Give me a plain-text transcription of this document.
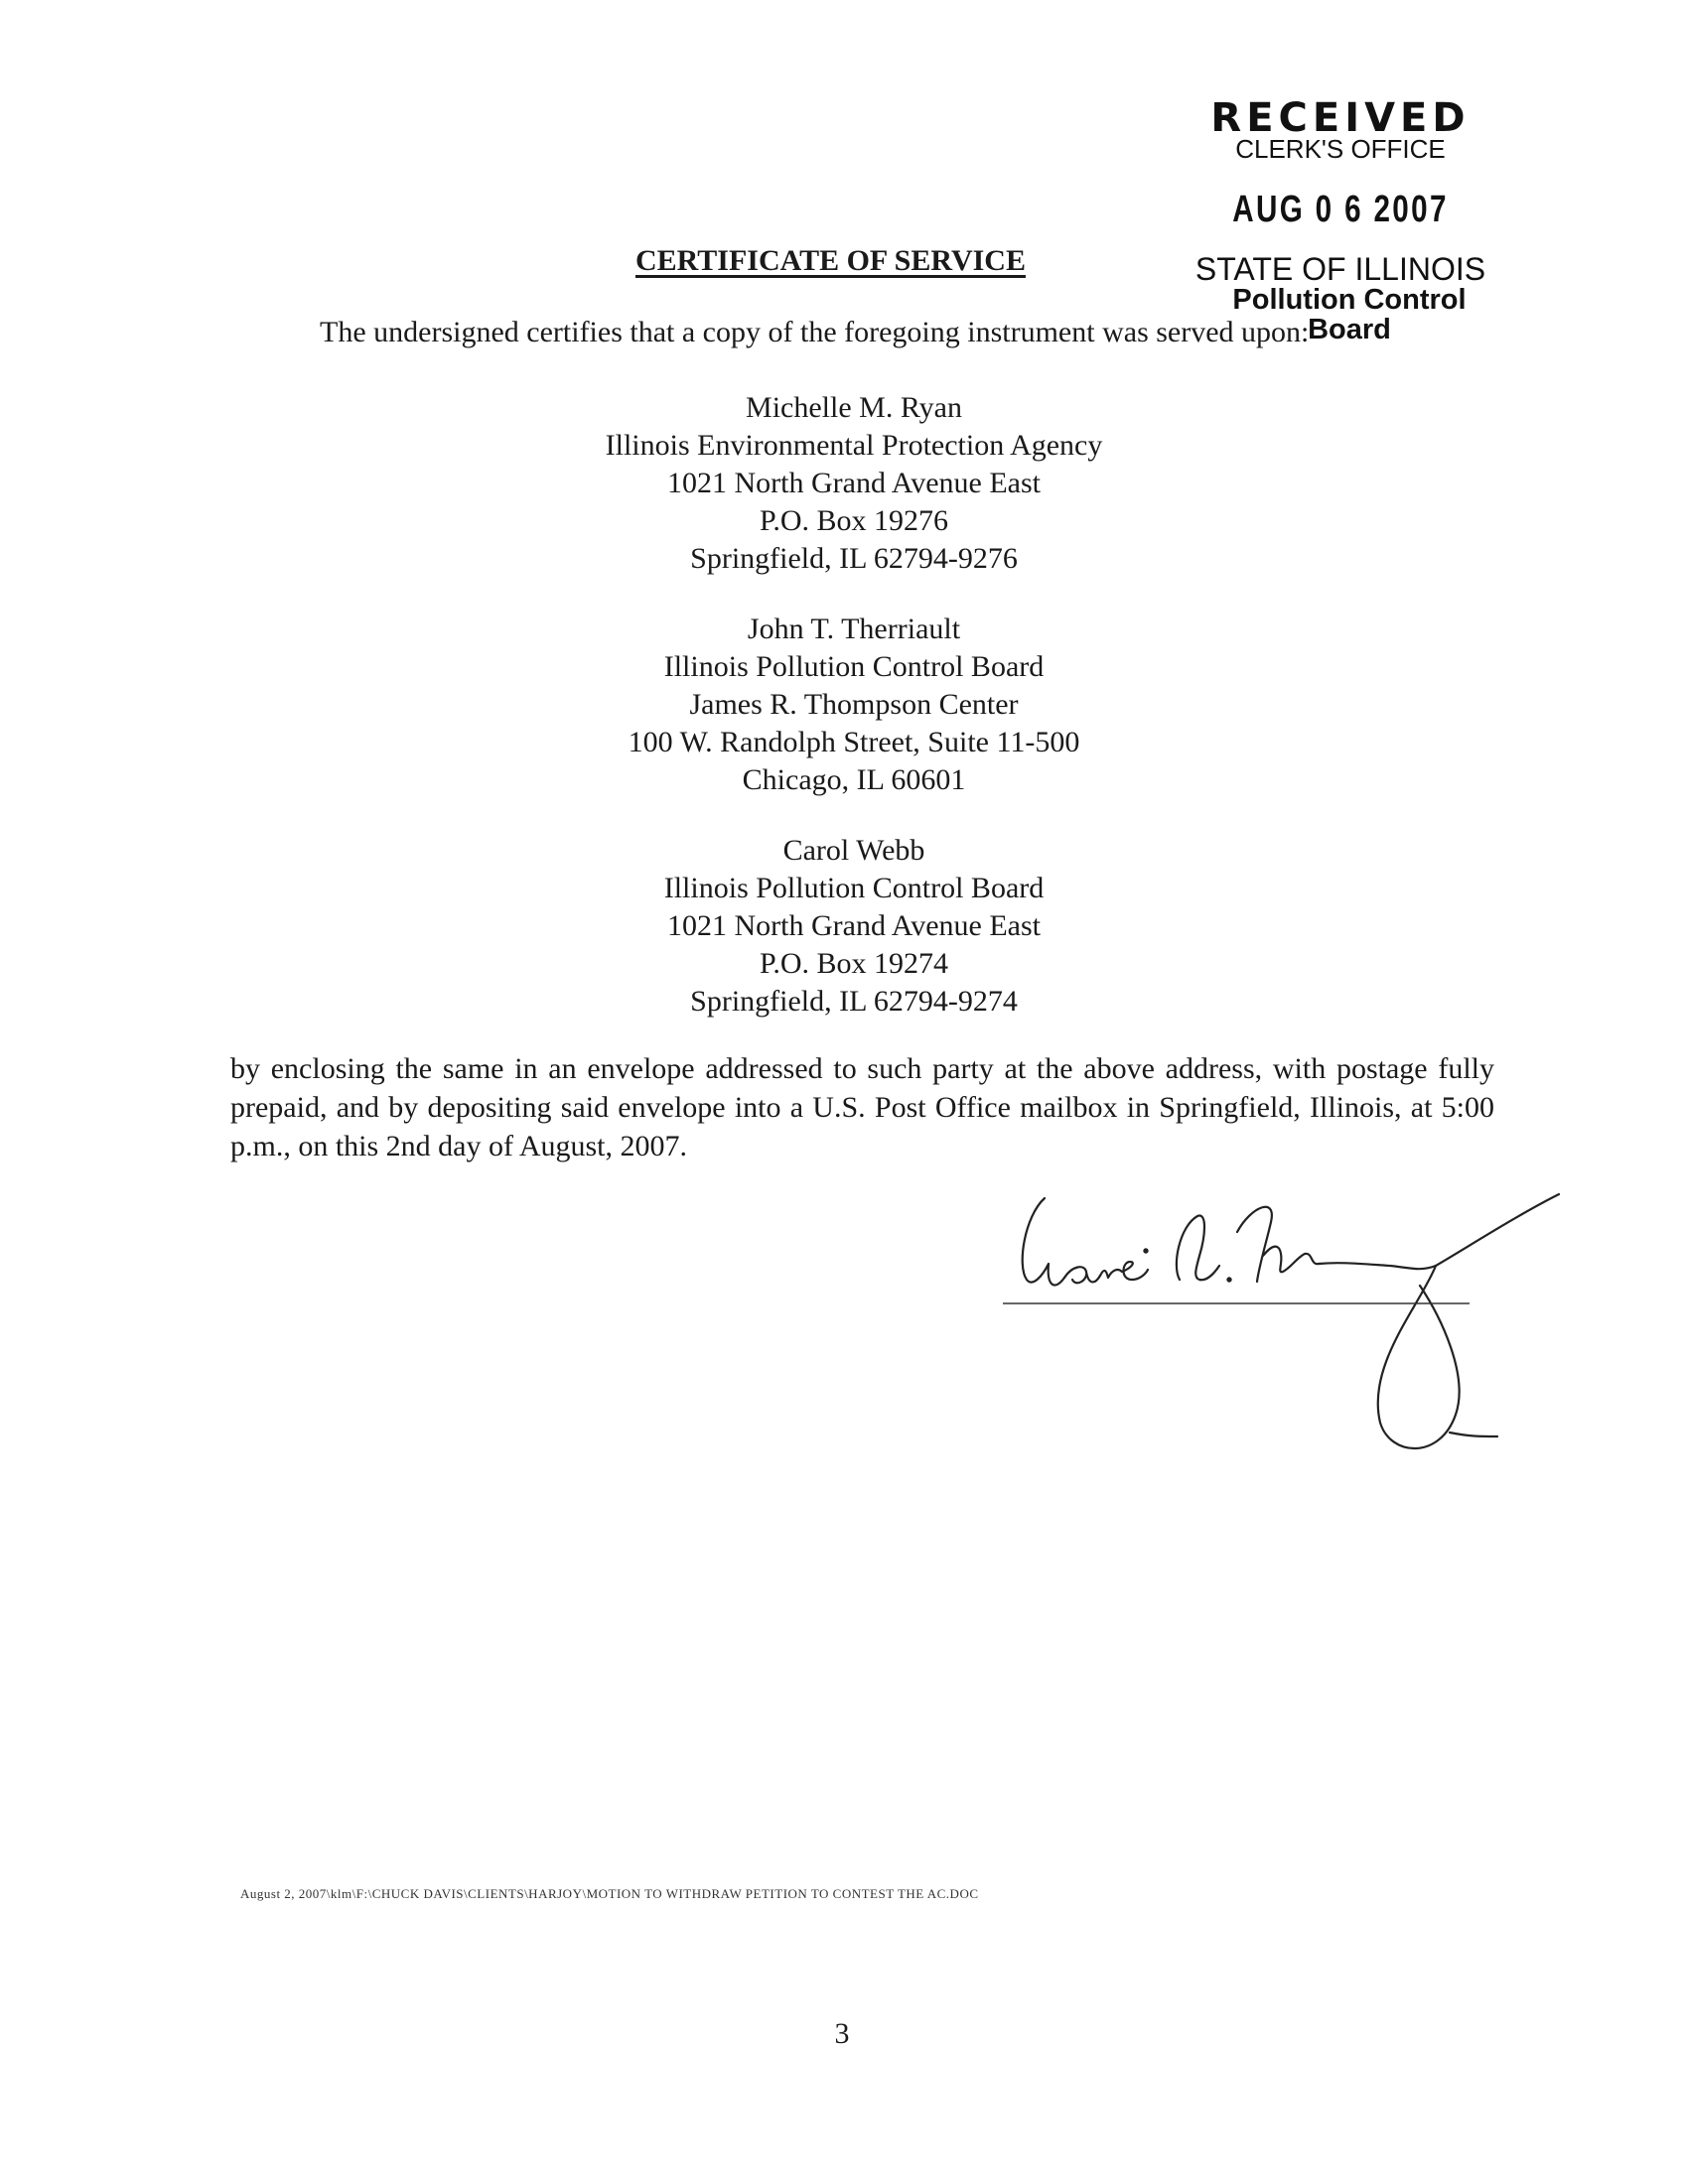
RECEIVED
CLERK'S OFFICE
AUG 0 6 2007
STATE OF ILLINOIS
Pollution Control Board
CERTIFICATE OF SERVICE
The undersigned certifies that a copy of the foregoing instrument was served upon:
Michelle M. Ryan
Illinois Environmental Protection Agency
1021 North Grand Avenue East
P.O. Box 19276
Springfield, IL 62794-9276
John T. Therriault
Illinois Pollution Control Board
James R. Thompson Center
100 W. Randolph Street, Suite 11-500
Chicago, IL 60601
Carol Webb
Illinois Pollution Control Board
1021 North Grand Avenue East
P.O. Box 19274
Springfield, IL 62794-9274
by enclosing the same in an envelope addressed to such party at the above address, with postage fully prepaid, and by depositing said envelope into a U.S. Post Office mailbox in Springfield, Illinois, at 5:00 p.m., on this 2nd day of August, 2007.
August 2, 2007\klm\F:\CHUCK DAVIS\CLIENTS\HARJOY\MOTION TO WITHDRAW PETITION TO CONTEST THE AC.DOC
3
